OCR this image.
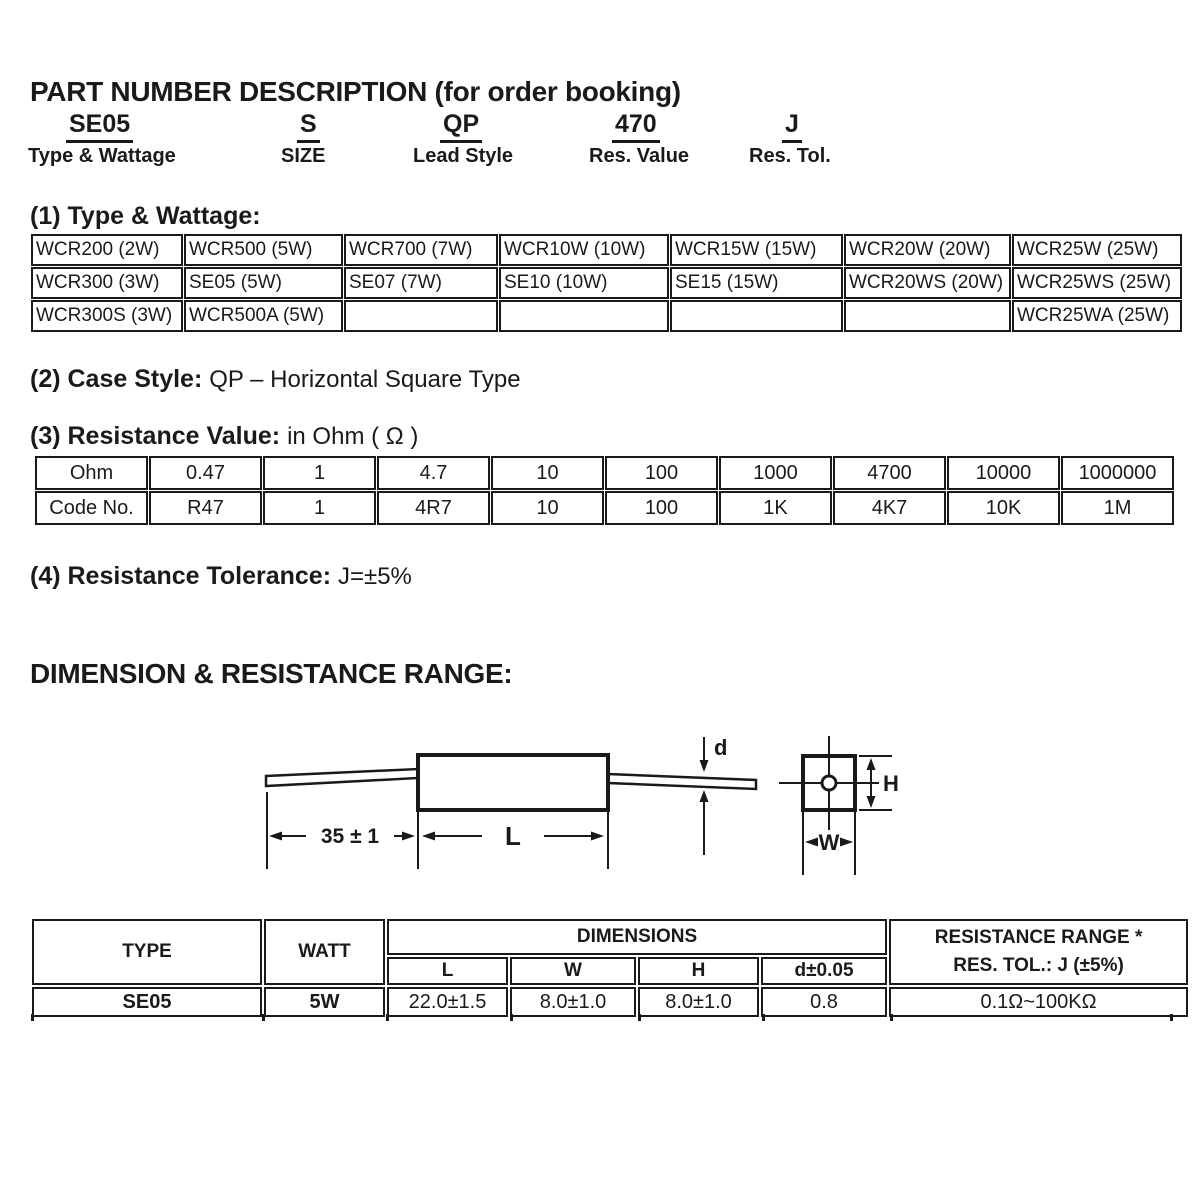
PART NUMBER DESCRIPTION (for order booking)
SE05	S	QP	470	J
Type & Wattage	SIZE	Lead Style	Res. Value	Res. Tol.
(1) Type & Wattage:
WCR200 (2W)	WCR500 (5W)	WCR700 (7W)	WCR10W (10W)	WCR15W (15W)	WCR20W (20W)	WCR25W (25W)
WCR300 (3W)	SE05 (5W)	SE07 (7W)	SE10 (10W)	SE15 (15W)	WCR20WS (20W)	WCR25WS (25W)
WCR300S (3W)	WCR500A (5W)					WCR25WA (25W)
(2) Case Style: QP – Horizontal Square Type
(3) Resistance Value: in Ohm ( Ω )
Ohm	0.47	1	4.7	10	100	1000	4700	10000	1000000
Code No.	R47	1	4R7	10	100	1K	4K7	10K	1M
(4) Resistance Tolerance: J=±5%
DIMENSION & RESISTANCE RANGE:
d
35 ± 1	L
H
W
TYPE	WATT	DIMENSIONS				RESISTANCE RANGE *
RES. TOL.: J (±5%)
		L	W	H	d±0.05	
SE05	5W	22.0±1.5	8.0±1.0	8.0±1.0	0.8	0.1Ω~100KΩ
